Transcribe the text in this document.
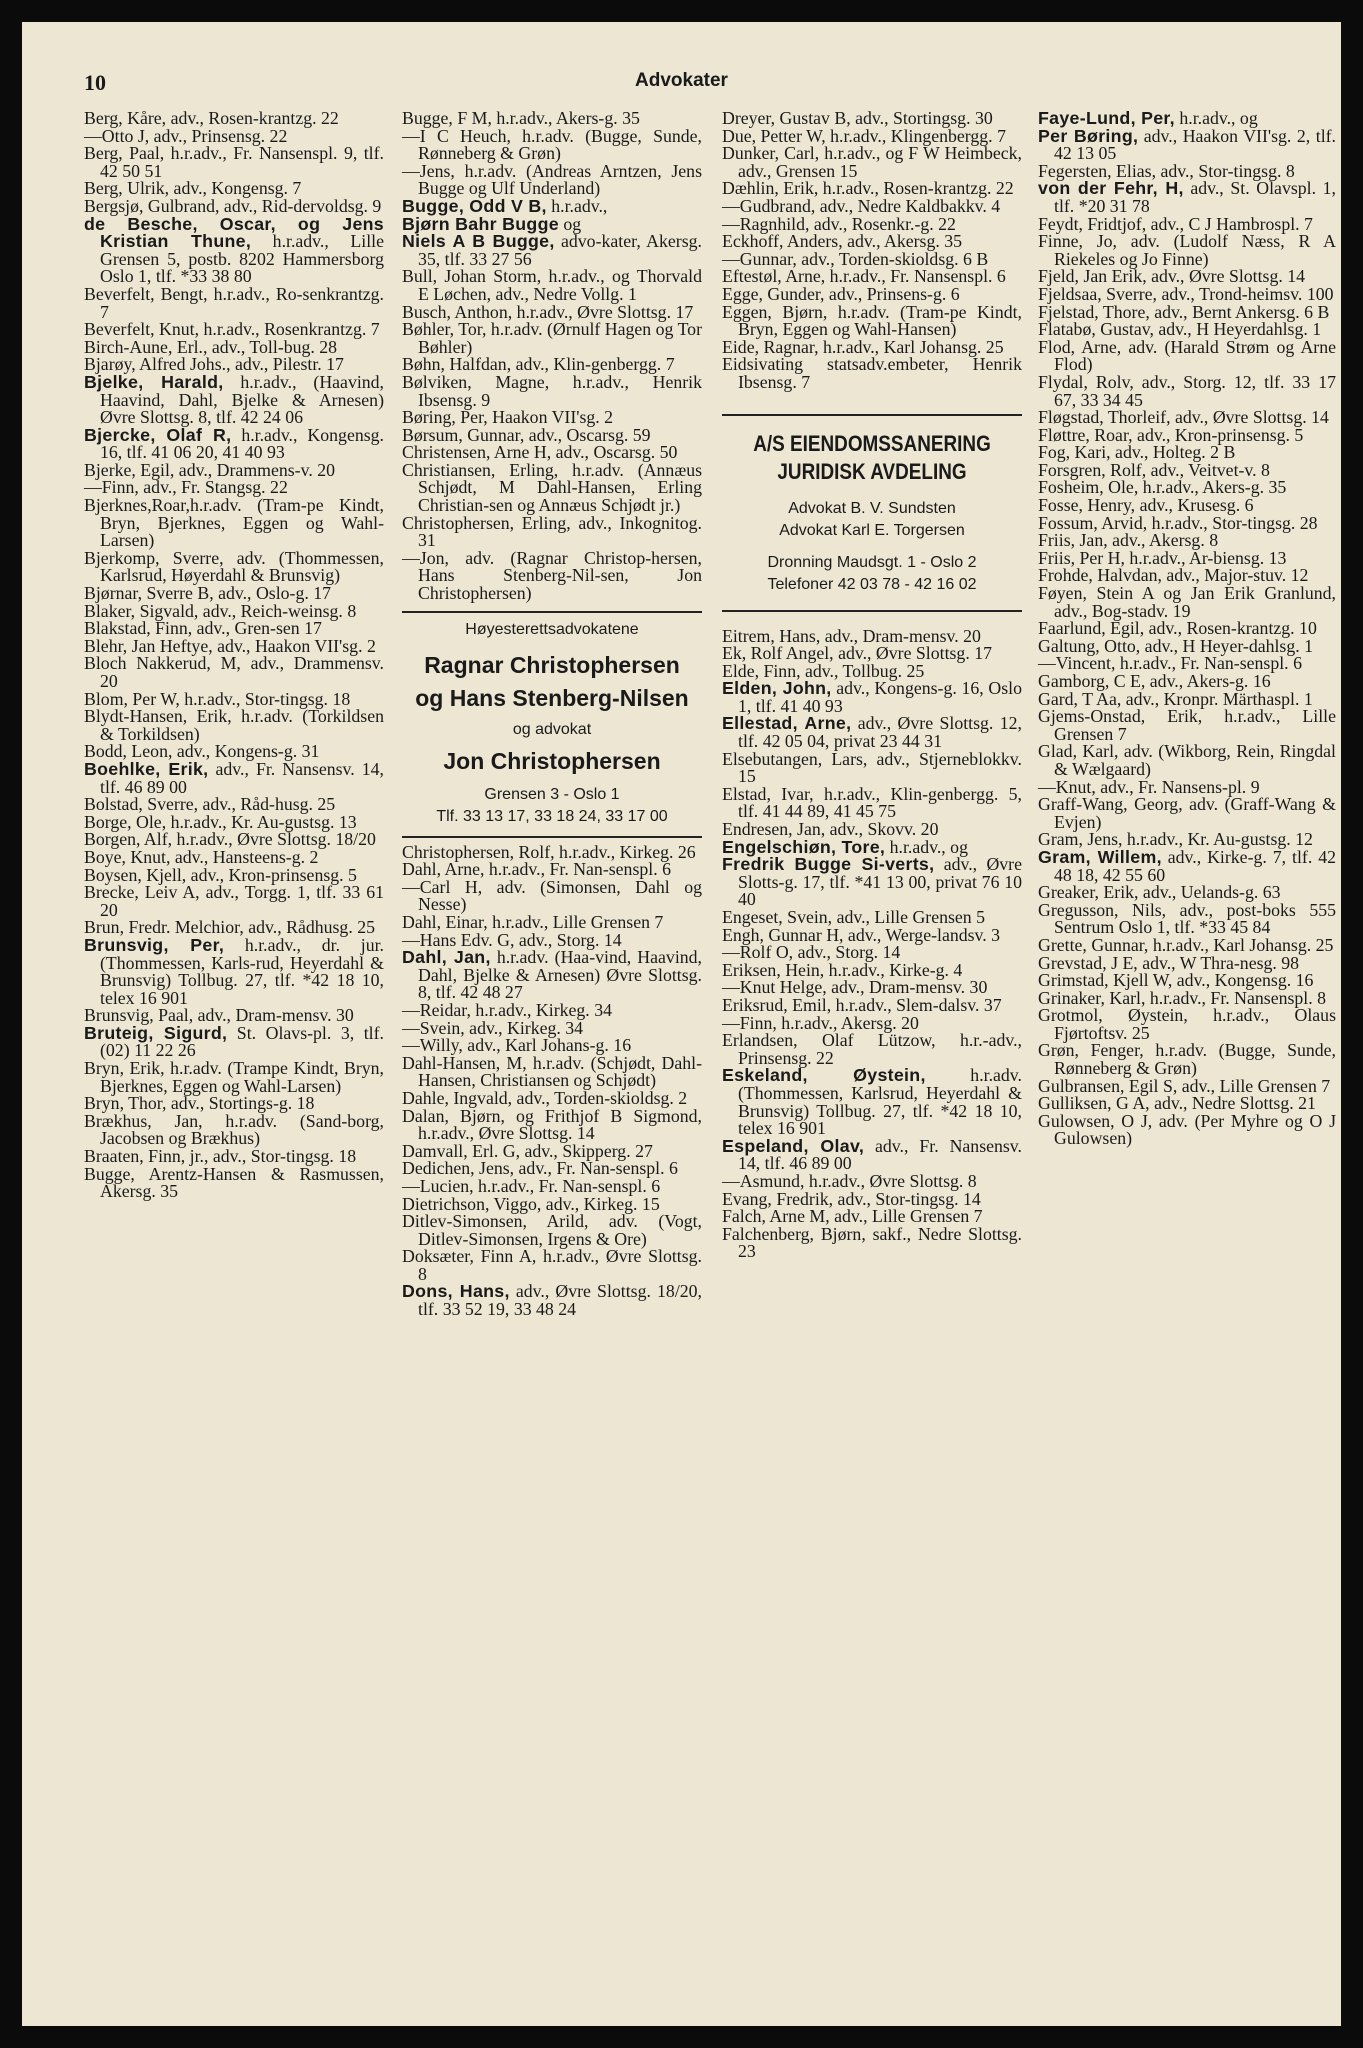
10	Advokater

Berg, Kåre, adv., Rosen-krantzg. 22

—Otto J, adv., Prinsensg. 22

Berg, Paal, h.r.adv., Fr. Nansenspl. 9, tlf. 42 50 51

Berg, Ulrik, adv., Kongensg. 7

Bergsjø, Gulbrand, adv., Rid-dervoldsg. 9

de Besche, Oscar, og Jens Kristian Thune, h.r.adv., Lille Grensen 5, postb. 8202 Hammersborg Oslo 1, tlf. *33 38 80

Beverfelt, Bengt, h.r.adv., Ro-senkrantzg. 7

Beverfelt, Knut, h.r.adv., Rosenkrantzg. 7

Birch-Aune, Erl., adv., Toll-bug. 28

Bjarøy, Alfred Johs., adv., Pilestr. 17

Bjelke, Harald, h.r.adv., (Haavind, Haavind, Dahl, Bjelke & Arnesen) Øvre Slottsg. 8, tlf. 42 24 06

Bjercke, Olaf R, h.r.adv., Kongensg. 16, tlf. 41 06 20, 41 40 93

Bjerke, Egil, adv., Drammens-v. 20

—Finn, adv., Fr. Stangsg. 22

Bjerknes,Roar,h.r.adv. (Tram-pe Kindt, Bryn, Bjerknes, Eggen og Wahl-Larsen)

Bjerkomp, Sverre, adv. (Thommessen, Karlsrud, Høyerdahl & Brunsvig)

Bjørnar, Sverre B, adv., Oslo-g. 17

Blaker, Sigvald, adv., Reich-weinsg. 8

Blakstad, Finn, adv., Gren-sen 17

Blehr, Jan Heftye, adv., Haakon VII'sg. 2

Bloch Nakkerud, M, adv., Drammensv. 20

Blom, Per W, h.r.adv., Stor-tingsg. 18

Blydt-Hansen, Erik, h.r.adv. (Torkildsen & Torkildsen)

Bodd, Leon, adv., Kongens-g. 31

Boehlke, Erik, adv., Fr. Nansensv. 14, tlf. 46 89 00

Bolstad, Sverre, adv., Råd-husg. 25

Borge, Ole, h.r.adv., Kr. Au-gustsg. 13

Borgen, Alf, h.r.adv., Øvre Slottsg. 18/20

Boye, Knut, adv., Hansteens-g. 2

Boysen, Kjell, adv., Kron-prinsensg. 5

Brecke, Leiv A, adv., Torgg. 1, tlf. 33 61 20

Brun, Fredr. Melchior, adv., Rådhusg. 25

Brunsvig, Per, h.r.adv., dr. jur. (Thommessen, Karls-rud, Heyerdahl & Brunsvig) Tollbug. 27, tlf. *42 18 10, telex 16 901

Brunsvig, Paal, adv., Dram-mensv. 30

Bruteig, Sigurd, St. Olavs-pl. 3, tlf. (02) 11 22 26

Bryn, Erik, h.r.adv. (Trampe Kindt, Bryn, Bjerknes, Eggen og Wahl-Larsen)

Bryn, Thor, adv., Stortings-g. 18

Brækhus, Jan, h.r.adv. (Sand-borg, Jacobsen og Brækhus)

Braaten, Finn, jr., adv., Stor-tingsg. 18

Bugge, Arentz-Hansen & Rasmussen, Akersg. 35

Bugge, F M, h.r.adv., Akers-g. 35

—I C Heuch, h.r.adv. (Bugge, Sunde, Rønneberg & Grøn)

—Jens, h.r.adv. (Andreas Arntzen, Jens Bugge og Ulf Underland)

Bugge, Odd V B, h.r.adv.,

Bjørn Bahr Bugge og

Niels A B Bugge, advo-kater, Akersg. 35, tlf. 33 27 56

Bull, Johan Storm, h.r.adv., og Thorvald E Løchen, adv., Nedre Vollg. 1

Busch, Anthon, h.r.adv., Øvre Slottsg. 17

Bøhler, Tor, h.r.adv. (Ørnulf Hagen og Tor Bøhler)

Bøhn, Halfdan, adv., Klin-genbergg. 7

Bølviken, Magne, h.r.adv., Henrik Ibsensg. 9

Børing, Per, Haakon VII'sg. 2

Børsum, Gunnar, adv., Oscarsg. 59

Christensen, Arne H, adv., Oscarsg. 50

Christiansen, Erling, h.r.adv. (Annæus Schjødt, M Dahl-Hansen, Erling Christian-sen og Annæus Schjødt jr.)

Christophersen, Erling, adv., Inkognitog. 31

—Jon, adv. (Ragnar Christop-hersen, Hans Stenberg-Nil-sen, Jon Christophersen)

Høyesterettsadvokatene
Ragnar Christophersen
og Hans Stenberg-Nilsen
og advokat
Jon Christophersen
Grensen 3 - Oslo 1
Tlf. 33 13 17, 33 18 24, 33 17 00

Christophersen, Rolf, h.r.adv., Kirkeg. 26

Dahl, Arne, h.r.adv., Fr. Nan-senspl. 6

—Carl H, adv. (Simonsen, Dahl og Nesse)

Dahl, Einar, h.r.adv., Lille Grensen 7

—Hans Edv. G, adv., Storg. 14

Dahl, Jan, h.r.adv. (Haa-vind, Haavind, Dahl, Bjelke & Arnesen) Øvre Slottsg. 8, tlf. 42 48 27

—Reidar, h.r.adv., Kirkeg. 34

—Svein, adv., Kirkeg. 34

—Willy, adv., Karl Johans-g. 16

Dahl-Hansen, M, h.r.adv. (Schjødt, Dahl-Hansen, Christiansen og Schjødt)

Dahle, Ingvald, adv., Torden-skioldsg. 2

Dalan, Bjørn, og Frithjof B Sigmond, h.r.adv., Øvre Slottsg. 14

Damvall, Erl. G, adv., Skipperg. 27

Dedichen, Jens, adv., Fr. Nan-senspl. 6

—Lucien, h.r.adv., Fr. Nan-senspl. 6

Dietrichson, Viggo, adv., Kirkeg. 15

Ditlev-Simonsen, Arild, adv. (Vogt, Ditlev-Simonsen, Irgens & Ore)

Doksæter, Finn A, h.r.adv., Øvre Slottsg. 8

Dons, Hans, adv., Øvre Slottsg. 18/20, tlf. 33 52 19, 33 48 24

Dreyer, Gustav B, adv., Stortingsg. 30

Due, Petter W, h.r.adv., Klingenbergg. 7

Dunker, Carl, h.r.adv., og F W Heimbeck, adv., Grensen 15

Dæhlin, Erik, h.r.adv., Rosen-krantzg. 22

—Gudbrand, adv., Nedre Kaldbakkv. 4

—Ragnhild, adv., Rosenkr.-g. 22

Eckhoff, Anders, adv., Akersg. 35

—Gunnar, adv., Torden-skioldsg. 6 B

Eftestøl, Arne, h.r.adv., Fr. Nansenspl. 6

Egge, Gunder, adv., Prinsens-g. 6

Eggen, Bjørn, h.r.adv. (Tram-pe Kindt, Bryn, Eggen og Wahl-Hansen)

Eide, Ragnar, h.r.adv., Karl Johansg. 25

Eidsivating statsadv.embeter, Henrik Ibsensg. 7

A/S EIENDOMSSANERING
JURIDISK AVDELING
Advokat B. V. Sundsten
Advokat Karl E. Torgersen
Dronning Maudsgt. 1 - Oslo 2
Telefoner 42 03 78 - 42 16 02

Eitrem, Hans, adv., Dram-mensv. 20

Ek, Rolf Angel, adv., Øvre Slottsg. 17

Elde, Finn, adv., Tollbug. 25

Elden, John, adv., Kongens-g. 16, Oslo 1, tlf. 41 40 93

Ellestad, Arne, adv., Øvre Slottsg. 12, tlf. 42 05 04, privat 23 44 31

Elsebutangen, Lars, adv., Stjerneblokkv. 15

Elstad, Ivar, h.r.adv., Klin-genbergg. 5, tlf. 41 44 89, 41 45 75

Endresen, Jan, adv., Skovv. 20

Engelschiøn, Tore, h.r.adv., og

Fredrik Bugge Si-verts, adv., Øvre Slotts-g. 17, tlf. *41 13 00, privat 76 10 40

Engeset, Svein, adv., Lille Grensen 5

Engh, Gunnar H, adv., Werge-landsv. 3

—Rolf O, adv., Storg. 14

Eriksen, Hein, h.r.adv., Kirke-g. 4

—Knut Helge, adv., Dram-mensv. 30

Eriksrud, Emil, h.r.adv., Slem-dalsv. 37

—Finn, h.r.adv., Akersg. 20

Erlandsen, Olaf Lützow, h.r.-adv., Prinsensg. 22

Eskeland, Øystein, h.r.adv. (Thommessen, Karlsrud, Heyerdahl & Brunsvig) Tollbug. 27, tlf. *42 18 10, telex 16 901

Espeland, Olav, adv., Fr. Nansensv. 14, tlf. 46 89 00

—Asmund, h.r.adv., Øvre Slottsg. 8

Evang, Fredrik, adv., Stor-tingsg. 14

Falch, Arne M, adv., Lille Grensen 7

Falchenberg, Bjørn, sakf., Nedre Slottsg. 23

Faye-Lund, Per, h.r.adv., og

Per Børing, adv., Haakon VII'sg. 2, tlf. 42 13 05

Fegersten, Elias, adv., Stor-tingsg. 8

von der Fehr, H, adv., St. Olavspl. 1, tlf. *20 31 78

Feydt, Fridtjof, adv., C J Hambrospl. 7

Finne, Jo, adv. (Ludolf Næss, R A Riekeles og Jo Finne)

Fjeld, Jan Erik, adv., Øvre Slottsg. 14

Fjeldsaa, Sverre, adv., Trond-heimsv. 100

Fjelstad, Thore, adv., Bernt Ankersg. 6 B

Flatabø, Gustav, adv., H Heyerdahlsg. 1

Flod, Arne, adv. (Harald Strøm og Arne Flod)

Flydal, Rolv, adv., Storg. 12, tlf. 33 17 67, 33 34 45

Fløgstad, Thorleif, adv., Øvre Slottsg. 14

Fløttre, Roar, adv., Kron-prinsensg. 5

Fog, Kari, adv., Holteg. 2 B

Forsgren, Rolf, adv., Veitvet-v. 8

Fosheim, Ole, h.r.adv., Akers-g. 35

Fosse, Henry, adv., Krusesg. 6

Fossum, Arvid, h.r.adv., Stor-tingsg. 28

Friis, Jan, adv., Akersg. 8

Friis, Per H, h.r.adv., Ar-biensg. 13

Frohde, Halvdan, adv., Major-stuv. 12

Føyen, Stein A og Jan Erik Granlund, adv., Bog-stadv. 19

Faarlund, Egil, adv., Rosen-krantzg. 10

Galtung, Otto, adv., H Heyer-dahlsg. 1

—Vincent, h.r.adv., Fr. Nan-senspl. 6

Gamborg, C E, adv., Akers-g. 16

Gard, T Aa, adv., Kronpr. Märthaspl. 1

Gjems-Onstad, Erik, h.r.adv., Lille Grensen 7

Glad, Karl, adv. (Wikborg, Rein, Ringdal & Wælgaard)

—Knut, adv., Fr. Nansens-pl. 9

Graff-Wang, Georg, adv. (Graff-Wang & Evjen)

Gram, Jens, h.r.adv., Kr. Au-gustsg. 12

Gram, Willem, adv., Kirke-g. 7, tlf. 42 48 18, 42 55 60

Greaker, Erik, adv., Uelands-g. 63

Gregusson, Nils, adv., post-boks 555 Sentrum Oslo 1, tlf. *33 45 84

Grette, Gunnar, h.r.adv., Karl Johansg. 25

Grevstad, J E, adv., W Thra-nesg. 98

Grimstad, Kjell W, adv., Kongensg. 16

Grinaker, Karl, h.r.adv., Fr. Nansenspl. 8

Grotmol, Øystein, h.r.adv., Olaus Fjørtoftsv. 25

Grøn, Fenger, h.r.adv. (Bugge, Sunde, Rønneberg & Grøn)

Gulbransen, Egil S, adv., Lille Grensen 7

Gulliksen, G A, adv., Nedre Slottsg. 21

Gulowsen, O J, adv. (Per Myhre og O J Gulowsen)
